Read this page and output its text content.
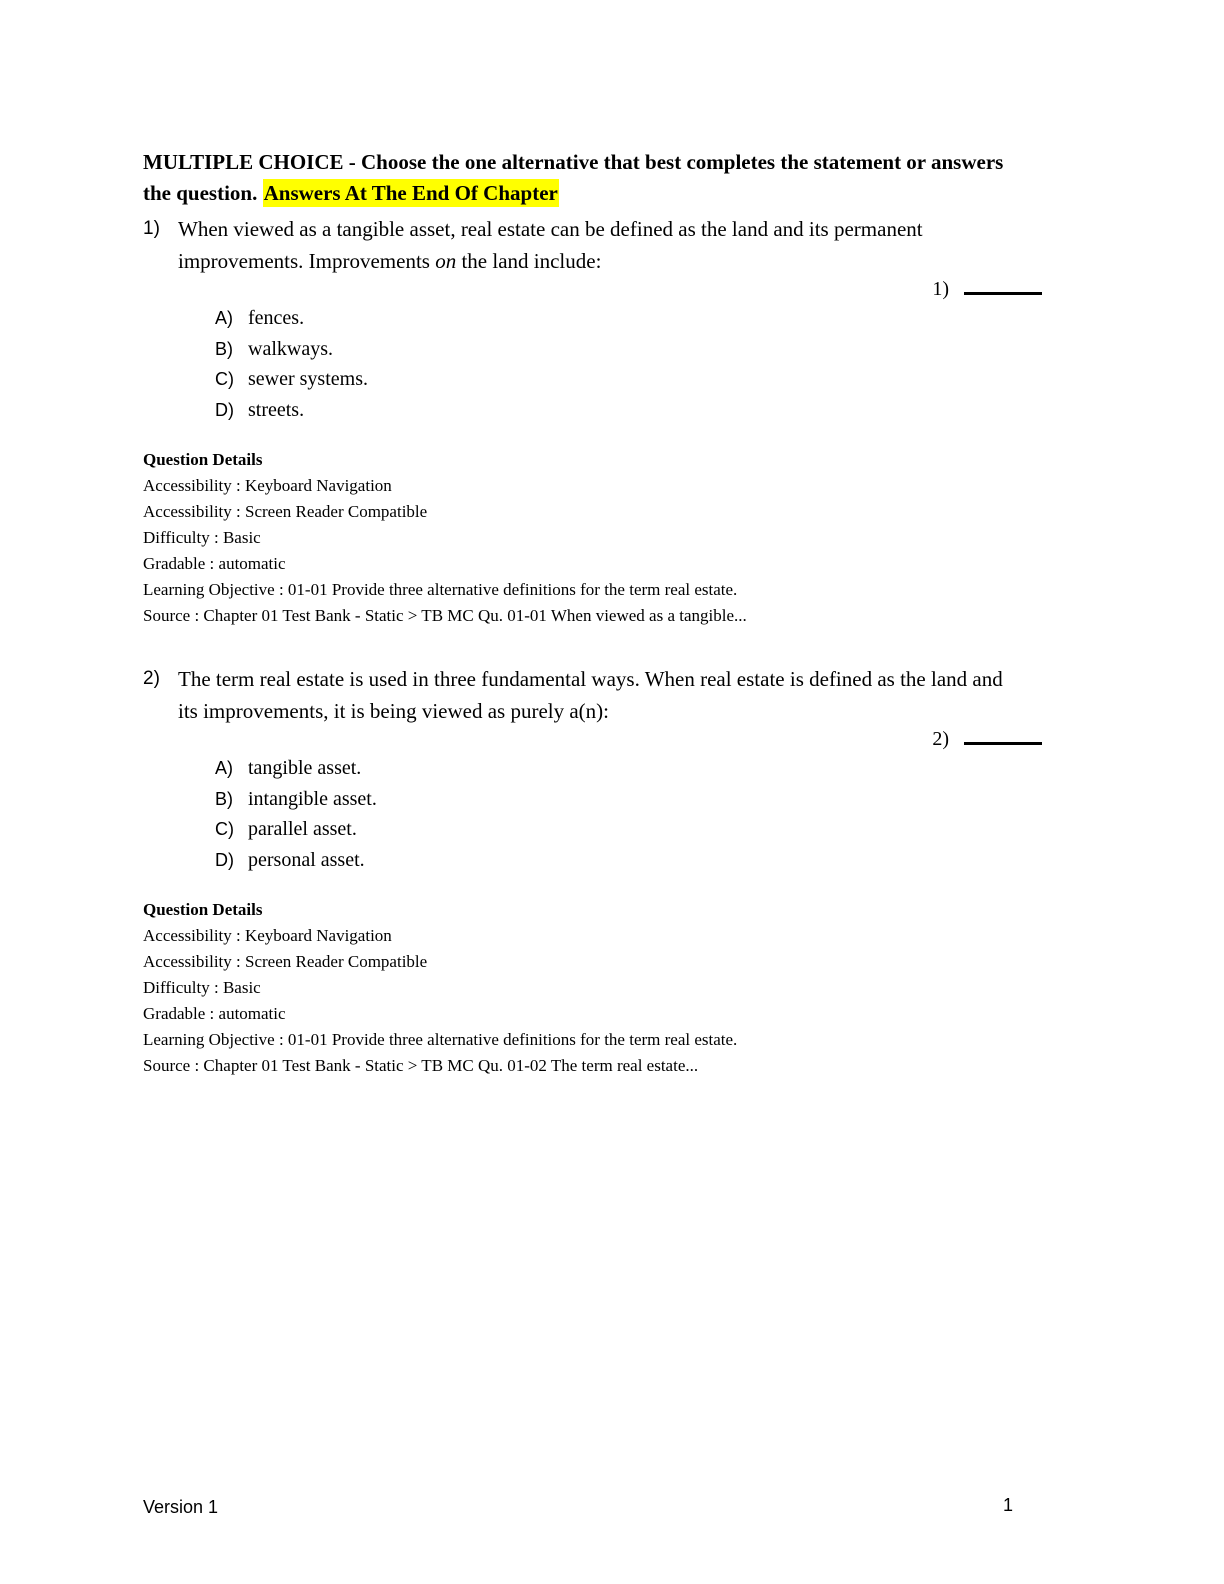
MULTIPLE CHOICE - Choose the one alternative that best completes the statement or answers the question. Answers At The End Of Chapter

1) When viewed as a tangible asset, real estate can be defined as the land and its permanent improvements. Improvements on the land include:
1)
A) fences.
B) walkways.
C) sewer systems.
D) streets.
Question Details
Accessibility : Keyboard Navigation
Accessibility : Screen Reader Compatible
Difficulty : Basic
Gradable : automatic
Learning Objective : 01-01 Provide three alternative definitions for the term real estate.
Source : Chapter 01 Test Bank - Static > TB MC Qu. 01-01 When viewed as a tangible...
2) The term real estate is used in three fundamental ways. When real estate is defined as the land and its improvements, it is being viewed as purely a(n):
2)
A) tangible asset.
B) intangible asset.
C) parallel asset.
D) personal asset.
Question Details
Accessibility : Keyboard Navigation
Accessibility : Screen Reader Compatible
Difficulty : Basic
Gradable : automatic
Learning Objective : 01-01 Provide three alternative definitions for the term real estate.
Source : Chapter 01 Test Bank - Static > TB MC Qu. 01-02 The term real estate...
Version 1	1
